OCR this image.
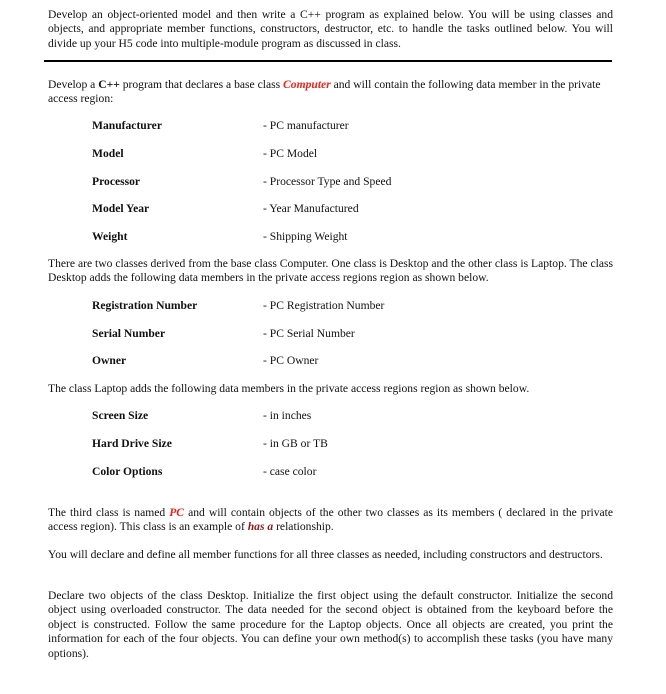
Develop an object-oriented model and then write a C++ program as explained below. You will be using classes and objects, and appropriate member functions, constructors, destructor, etc. to handle the tasks outlined below. You will divide up your H5 code into multiple-module program as discussed in class.

Develop a C++ program that declares a base class Computer and will contain the following data member in the private access region:

Manufacturer	- PC manufacturer
Model	- PC Model
Processor	- Processor Type and Speed
Model Year	- Year Manufactured
Weight	- Shipping Weight

There are two classes derived from the base class Computer. One class is Desktop and the other class is Laptop. The class Desktop adds the following data members in the private access regions region as shown below.

Registration Number	- PC Registration Number
Serial Number	- PC Serial Number
Owner	- PC Owner

The class Laptop adds the following data members in the private access regions region as shown below.

Screen Size	- in inches
Hard Drive Size	- in GB or TB
Color Options	- case color

The third class is named PC and will contain objects of the other two classes as its members ( declared in the private access region). This class is an example of has a relationship.

You will declare and define all member functions for all three classes as needed, including constructors and destructors.

Declare two objects of the class Desktop. Initialize the first object using the default constructor. Initialize the second object using overloaded constructor. The data needed for the second object is obtained from the keyboard before the object is constructed. Follow the same procedure for the Laptop objects. Once all objects are created, you print the information for each of the four objects. You can define your own method(s) to accomplish these tasks (you have many options).
